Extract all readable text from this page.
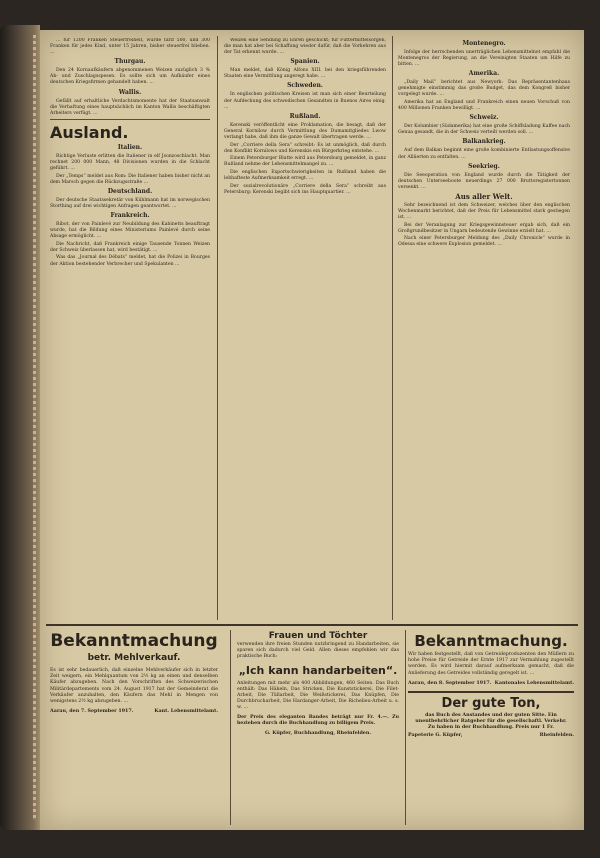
… für 1200 Franken Steuerfreiheit, wurde tarif 500, und 300 Franken für jedes Kind, unter 15 Jahren, bisher steuerfrei blieben. …

Thurgau.

Den 24 Kornaufkäufern abgenommenen Weizen zuzüglich 3 % Ab- und Zuschlagsspesen. Es sollte sich um Aufkäufer eines deutschen Kriegsfirmen gehandelt haben. …

Wallis.

Gefällt auf erhaltliche Verdachtsmomente hat der Staatsanwalt die Verhaftung eines hauptsächlich im Kanton Wallis beschäftigten Arbeiters verfügt. …

Ausland.
Italien.

Richtige Verluste erlitten die Italiener in elf Jsonzoschlacht. Man rechnet 200 000 Mann, 48 Divisionen wurden in die Schlacht geführt. …

Der „Temps“ meldet aus Rom: Die Italiener haben bisher nicht an dem Marsch gegen die Rückzugsstraße …

Deutschland.

Der deutsche Staatssekretär von Kühlmann hat im norwegischen Storthing auf drei wichtigen Anfragen geantwortet. …

Frankreich.

Ribot, der von Painlevé zur Neubildung des Kabinetts beauftragt wurde, hat die Bildung eines Ministeriums Painlevé durch seine Absage ermöglicht. …

Die Nachricht, daß Frankreich einige Tausende Tonnen Weizen der Schweiz überlassen hat, wird bestätigt. …

Was das „Journal des Débats“ meldet, hat die Polizei in Bourges der Aktion bestehender Verbrecher und Spekulanten …

Weizen eine Sendung zu Ehren geschickt; für Futtermittelsorgen, die man hat aber bei Schaffung wieder dafür, daß die Vorkehren aus der Tat erkennt wurde. …

Spanien.

Man meldet, daß König Alfons XIII. bei den kriegsführenden Staaten eine Vermittlung angeregt habe. …

Schweden.

In englischen politischen Kreisen ist man sich einer Beurteilung der Aufdeckung des schwedischen Gesandten in Buenos Aires einig. …

Rußland.

Kerenski veröffentlicht eine Proklamation, die besagt, daß der General Kornilow durch Vermittlung des Dumamitgliedes Lwow verlangt habe, daß ihm die ganze Gewalt übertragen werde. …

Der „Corriere della Sera“ schreibt: Es ist unmöglich, daß durch den Konflikt Kornilows und Kerenskis ein Bürgerkrieg entstehe. …

Einem Petersburger Blatte wird aus Petersburg gemeldet, in ganz Rußland nehme der Lebensmittelmangel zu. …

Die englischen Exportschwierigkeiten in Rußland haben die lebhafteste Aufmerksamkeit erregt. …

Der sozialrevolutionäre „Corriere della Sera“ schreibt aus Petersburg: Kerenski begibt sich ins Hauptquartier. …

Montenegro.

Infolge der herrschenden unerträglichen Lebensmittelnot empfahl die Montenegros der Regierung, an die Vereinigten Staaten um Hilfe zu bitten. …

Amerika.

„Daily Mail“ berichtet aus Newyork: Das Repräsentantenhaus genehmigte einstimmig das große Budget, das dem Kongreß bisher vorgelegt wurde. …

Amerika hat an England und Frankreich einen neuen Vorschuß von 400 Millionen Franken bewilligt. …

Schweiz.

Der Kolumbier (Südamerika) hat eine große Schiffsladung Kaffee nach Genua gesandt, die in der Schweiz verteilt werden soll. …

Balkankrieg.

Auf dem Balkan beginnt eine große kombinierte Entlastungsoffensive der Alliierten zu entfalten. …

Seekrieg.

Die Seeoperation von England wurde durch die Tätigkeit der deutschen Unterseeboote neuerdings 27 000 Bruttoregistertonnen versenkt. …

Aus aller Welt.

Sehr bezeichnend ist dem Schweizer, welches über den englischen Wochenmarkt berichtet, daß der Preis für Lebensmittel stark gestiegen ist. …

Bei der Veranlagung zur Kriegsgewinnsteuer ergab sich, daß ein Großgrundbesitzer in Ungarn bedeutende Gewinne erzielt hat. …

Nach einer Petersburger Meldung des „Daily Chronicle“ wurde in Odessa eine schwere Explosion gemeldet. …

Bekanntmachung
betr. Mehlverkauf.
Es ist sehr bedauerlich, daß einzelne Mehlverkäufer sich in letzter Zeit weigern, ein Mehlquantum von 2½ kg an einen und denselben Käufer abzugeben. Nach den Vorschriften des Schweizerischen Militärdepartements vom 24. August 1917 hat der Gemeinderat die Verkäufer anzuhalten, den Käufern das Mehl in Mengen von wenigstens 2½ kg abzugeben. …
Aarau, den 7. September 1917.	Kant. Lebensmittelamt.
Frauen und Töchter
verwenden ihre freien Stunden nutzbringend zu Handarbeiten, sie sparen sich dadurch viel Geld. Allen dieses empfehlen wir das praktische Buch:
„Ich kann handarbeiten“.
Anleitungen mit mehr als 400 Abbildungen, 460 Seiten. Das Buch enthält: Das Häkeln, Das Stricken, Die Kunststickerei, Die Filet-Arbeit, Die Tüllarbeit, Die Weißstickerei, Das Knüpfen, Die Durchbrucharbeit, Die Hardanger-Arbeit, Die Richelieu-Arbeit u. s. w. …
Der Preis des eleganten Bandes beträgt nur Fr. 4.—. Zu beziehen durch die Buchhandlung zu billigem Preis.
G. Küpfer, Buchhandlung, Rheinfelden.
Bekanntmachung.
Wir haben festgestellt, daß von Getreideproduzenten den Müllern zu hohe Preise für Getreide der Ernte 1917 zur Vermahlung zugestellt werden. Es wird hiermit darauf aufmerksam gemacht, daß die Anlieferung des Getreides vollständig geregelt ist. …
Aarau, den 8. September 1917. Kantonales Lebensmittelamt.
Der gute Ton,
das Buch des Anstandes und der guten Sitte. Ein unentbehrlicher Ratgeber für die gesellschaftl. Verkehr.
Zu haben in der Buchhandlung. Preis nur 1 Fr.
Papeterie G. Küpfer,	Rheinfelden.
